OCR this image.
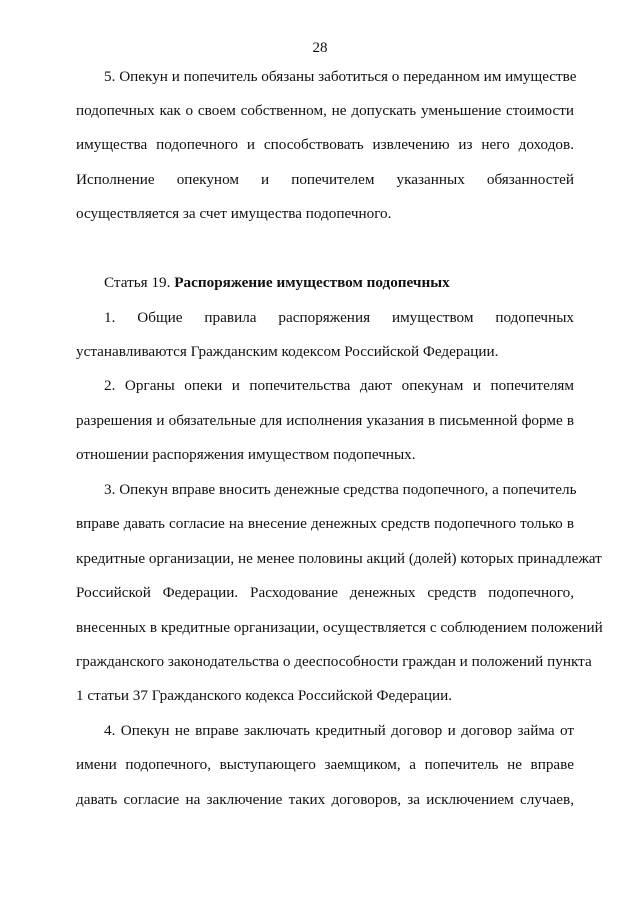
28
5. Опекун и попечитель обязаны заботиться о переданном им имуществе
подопечных как о своем собственном, не допускать уменьшение стоимости
имущества подопечного и способствовать извлечению из него доходов.
Исполнение опекуном и попечителем указанных обязанностей
осуществляется за счет имущества подопечного.
Статья 19. Распоряжение имуществом подопечных
1. Общие правила распоряжения имуществом подопечных
устанавливаются Гражданским кодексом Российской Федерации.
2. Органы опеки и попечительства дают опекунам и попечителям
разрешения и обязательные для исполнения указания в письменной форме в
отношении распоряжения имуществом подопечных.
3. Опекун вправе вносить денежные средства подопечного, а попечитель
вправе давать согласие на внесение денежных средств подопечного только в
кредитные организации, не менее половины акций (долей) которых принадлежат
Российской Федерации. Расходование денежных средств подопечного,
внесенных в кредитные организации, осуществляется с соблюдением положений
гражданского законодательства о дееспособности граждан и положений пункта
1 статьи 37 Гражданского кодекса Российской Федерации.
4. Опекун не вправе заключать кредитный договор и договор займа от
имени подопечного, выступающего заемщиком, а попечитель не вправе
давать согласие на заключение таких договоров, за исключением случаев,
